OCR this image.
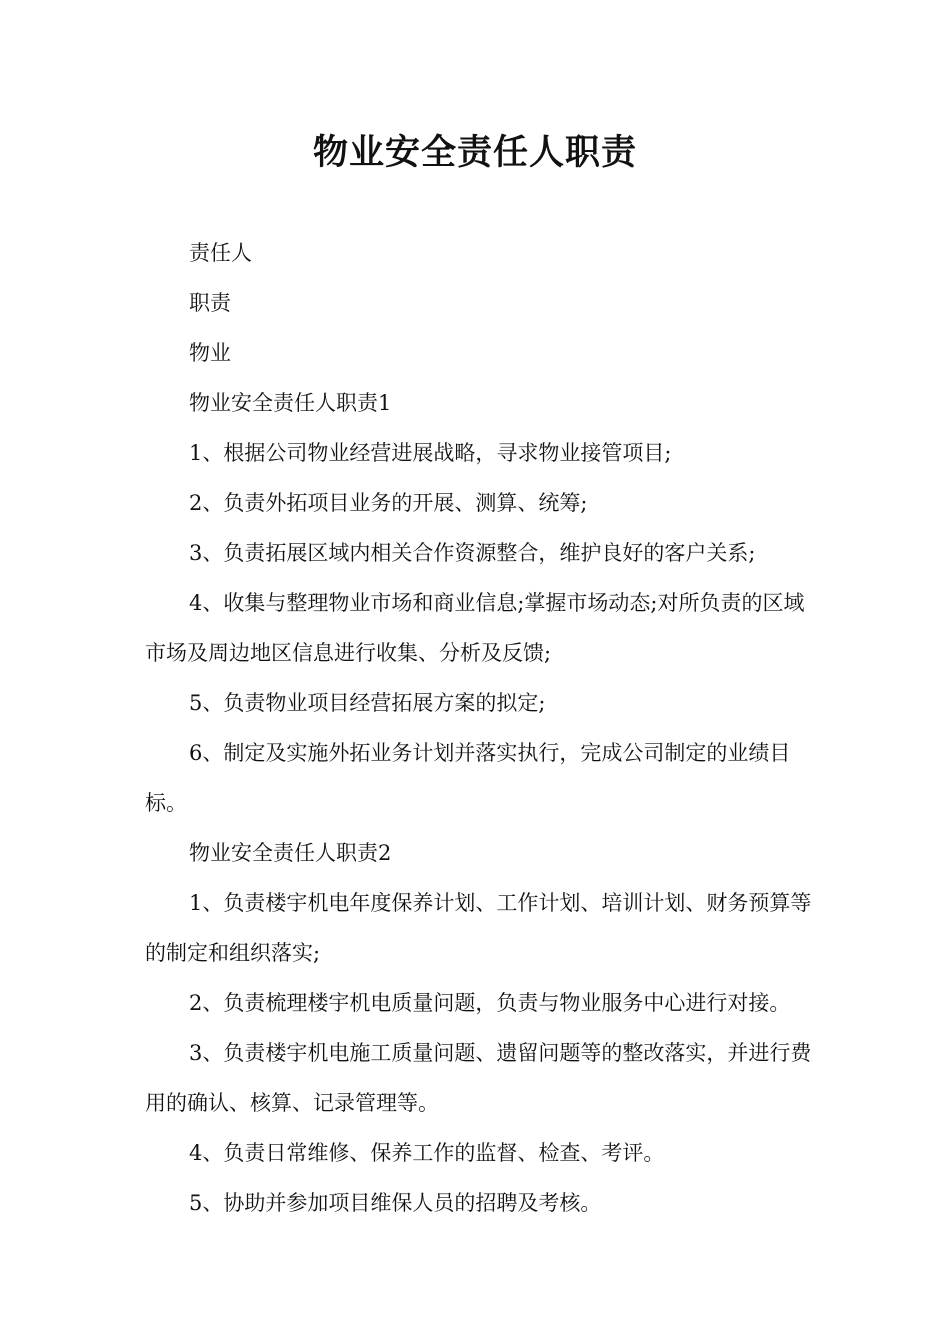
物业安全责任人职责

责任人

职责

物业

物业安全责任人职责1

1、根据公司物业经营进展战略，寻求物业接管项目;

2、负责外拓项目业务的开展、测算、统筹;

3、负责拓展区域内相关合作资源整合，维护良好的客户关系;

4、收集与整理物业市场和商业信息;掌握市场动态;对所负责的区域市场及周边地区信息进行收集、分析及反馈;

5、负责物业项目经营拓展方案的拟定;

6、制定及实施外拓业务计划并落实执行，完成公司制定的业绩目标。

物业安全责任人职责2

1、负责楼宇机电年度保养计划、工作计划、培训计划、财务预算等的制定和组织落实;

2、负责梳理楼宇机电质量问题，负责与物业服务中心进行对接。

3、负责楼宇机电施工质量问题、遗留问题等的整改落实，并进行费用的确认、核算、记录管理等。

4、负责日常维修、保养工作的监督、检查、考评。

5、协助并参加项目维保人员的招聘及考核。
